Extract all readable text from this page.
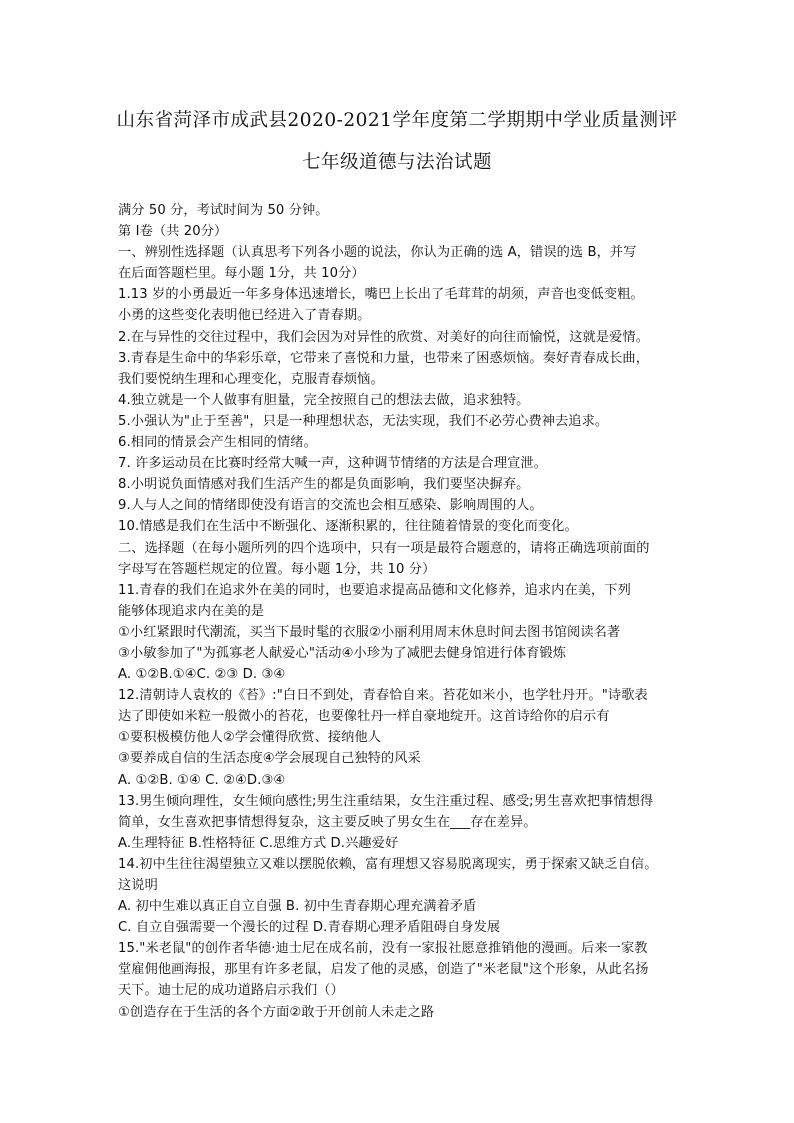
山东省菏泽市成武县2020-2021学年度第二学期期中学业质量测评
七年级道德与法治试题
满分 50 分，考试时间为 50 分钟。
第 Ⅰ卷（共 20分）
一、辨别性选择题（认真思考下列各小题的说法，你认为正确的选 A，错误的选 B，并写
在后面答题栏里。每小题 1分，共 10分）
1.13 岁的小勇最近一年多身体迅速增长，嘴巴上长出了毛茸茸的胡须，声音也变低变粗。
小勇的这些变化表明他已经进入了青春期。
2.在与异性的交往过程中，我们会因为对异性的欣赏、对美好的向往而愉悦，这就是爱情。
3.青春是生命中的华彩乐章，它带来了喜悦和力量，也带来了困惑烦恼。奏好青春成长曲，
我们要悦纳生理和心理变化，克服青春烦恼。
4.独立就是一个人做事有胆量，完全按照自己的想法去做，追求独特。
5.小强认为"止于至善"，只是一种理想状态，无法实现，我们不必劳心费神去追求。
6.相同的情景会产生相同的情绪。
7. 许多运动员在比赛时经常大喊一声，这种调节情绪的方法是合理宣泄。
8.小明说负面情感对我们生活产生的都是负面影响，我们要坚决摒弃。
9.人与人之间的情绪即使没有语言的交流也会相互感染、影响周围的人。
10.情感是我们在生活中不断强化、逐渐积累的，往往随着情景的变化而变化。
二、选择题（在每小题所列的四个选项中，只有一项是最符合题意的，请将正确选项前面的
字母写在答题栏规定的位置。每小题 1分，共 10 分）
11.青春的我们在追求外在美的同时，也要追求提高品德和文化修养，追求内在美，下列
能够体现追求内在美的是
①小红紧跟时代潮流，买当下最时髦的衣服②小丽利用周末休息时间去图书馆阅读名著
③小敏参加了"为孤寡老人献爱心"活动④小珍为了减肥去健身馆进行体育锻炼
A. ①②B.①④C. ②③ D. ③④
12.清朝诗人袁枚的《苔》:"白日不到处，青春恰自来。苔花如米小，也学牡丹开。"诗歌表
达了即使如米粒一般微小的苔花，也要像牡丹一样自豪地绽开。这首诗给你的启示有
①要积极模仿他人②学会懂得欣赏、接纳他人
③要养成自信的生活态度④学会展现自己独特的风采
A. ①②B. ①④ C. ②④D.③④
13.男生倾向理性，女生倾向感性;男生注重结果，女生注重过程、感受;男生喜欢把事情想得
简单，女生喜欢把事情想得复杂，这主要反映了男女生在___存在差异。
A.生理特征 B.性格特征 C.思维方式 D.兴趣爱好
14.初中生往往渴望独立又难以摆脱依赖，富有理想又容易脱离现实，勇于探索又缺乏自信。
这说明
A. 初中生难以真正自立自强 B. 初中生青春期心理充满着矛盾
C. 自立自强需要一个漫长的过程 D.青春期心理矛盾阻碍自身发展
15."米老鼠"的创作者华德·迪士尼在成名前，没有一家报社愿意推销他的漫画。后来一家教
堂雇佣他画海报，那里有许多老鼠，启发了他的灵感，创造了"米老鼠"这个形象，从此名扬
天下。迪士尼的成功道路启示我们（）
①创造存在于生活的各个方面②敢于开创前人未走之路
